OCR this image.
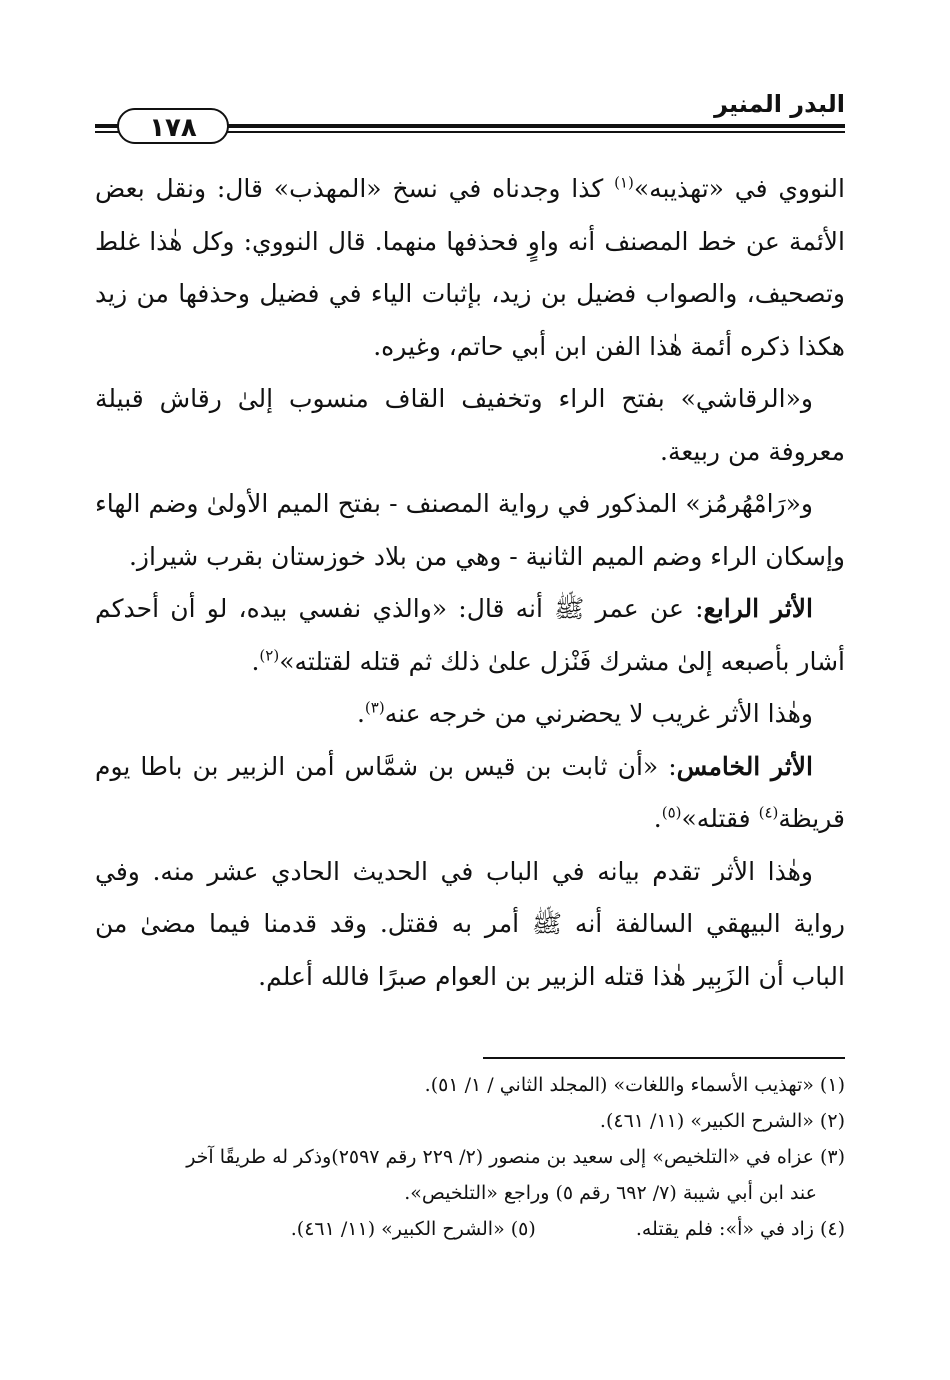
البدر المنير
١٧٨

النووي في «تهذيبه»$^{(١)}$ كذا وجدناه في نسخ «المهذب» قال: ونقل بعض الأئمة عن خط المصنف أنه واوٍ فحذفها منهما. قال النووي: وكل هٰذا غلط وتصحيف، والصواب فضيل بن زيد، بإثبات الياء في فضيل وحذفها من زيد هكذا ذكره أئمة هٰذا الفن ابن أبي حاتم، وغيره.

و«الرقاشي» بفتح الراء وتخفيف القاف منسوب إلىٰ رقاش قبيلة معروفة من ربيعة.

و«رَامْهُرمُز» المذكور في رواية المصنف - بفتح الميم الأولىٰ وضم الهاء وإسكان الراء وضم الميم الثانية - وهي من بلاد خوزستان بقرب شيراز.

الأثر الرابع: عن عمر ﷺ أنه قال: «والذي نفسي بيده، لو أن أحدكم أشار بأصبعه إلىٰ مشرك فَنْزل علىٰ ذلك ثم قتله لقتلته»$^{(٢)}$.

وهٰذا الأثر غريب لا يحضرني من خرجه عنه$^{(٣)}$.

الأثر الخامس: «أن ثابت بن قيس بن شمَّاس أمن الزبير بن باطا يوم قريظة$^{(٤)}$ فقتله»$^{(٥)}$.

وهٰذا الأثر تقدم بيانه في الباب في الحديث الحادي عشر منه. وفي رواية البيهقي السالفة أنه ﷺ أمر به فقتل. وقد قدمنا فيما مضىٰ من الباب أن الزَبِير هٰذا قتله الزبير بن العوام صبرًا فالله أعلم.

(١) «تهذيب الأسماء واللغات» (المجلد الثاني / ١/ ٥١).

(٢) «الشرح الكبير» (١١/ ٤٦١).

(٣) عزاه في «التلخيص» إلى سعيد بن منصور (٢/ ٢٢٩ رقم ٢٥٩٧)وذكر له طريقًا آخر

عند ابن أبي شيبة (٧/ ٦٩٢ رقم ٥) وراجع «التلخيص».

(٤) زاد في «أ»: فلم يقتله.
(٥) «الشرح الكبير» (١١/ ٤٦١).
